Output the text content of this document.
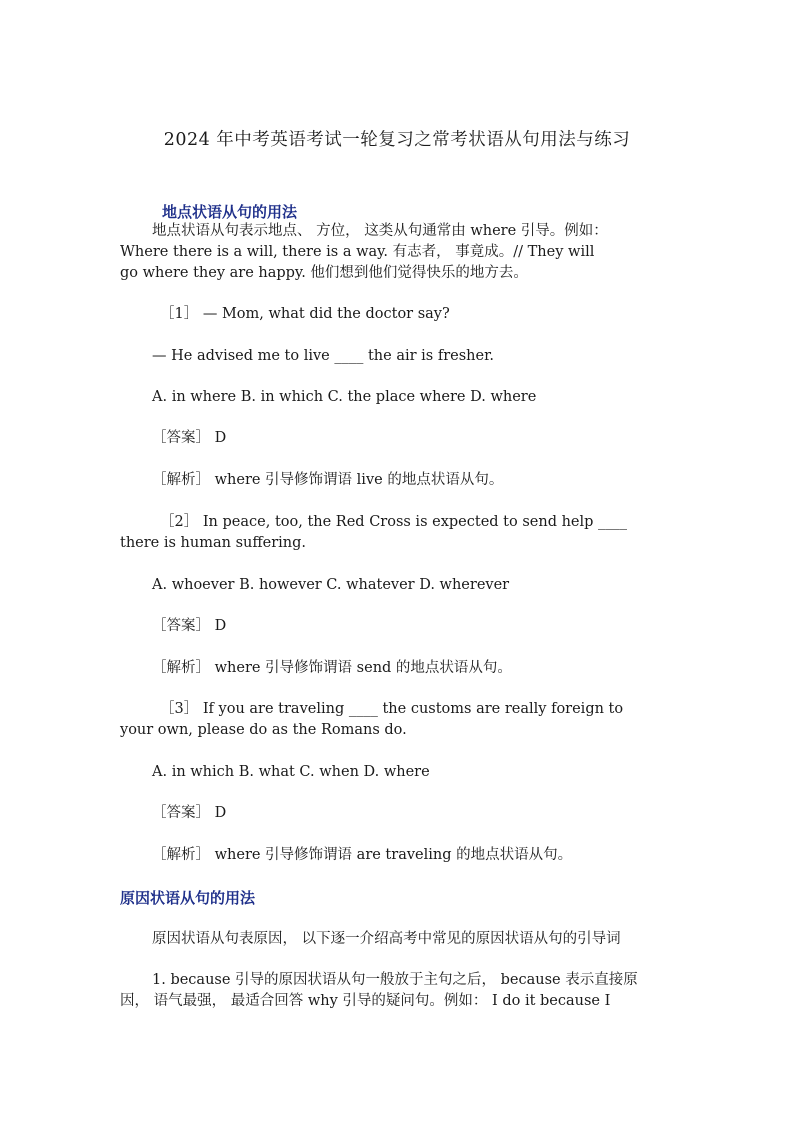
2024 年中考英语考试一轮复习之常考状语从句用法与练习
地点状语从句的用法
地点状语从句表示地点、 方位， 这类从句通常由 where 引导。例如：
Where there is a will, there is a way. 有志者， 事竟成。// They will
go where they are happy. 他们想到他们觉得快乐的地方去。
［1］ — Mom, what did the doctor say?
— He advised me to live ____ the air is fresher.
A. in where B. in which C. the place where D. where
［答案］ D
［解析］ where 引导修饰谓语 live 的地点状语从句。
［2］ In peace, too, the Red Cross is expected to send help ____
there is human suffering.
A. whoever B. however C. whatever D. wherever
［答案］ D
［解析］ where 引导修饰谓语 send 的地点状语从句。
［3］ If you are traveling ____ the customs are really foreign to
your own, please do as the Romans do.
A. in which B. what C. when D. where
［答案］ D
［解析］ where 引导修饰谓语 are traveling 的地点状语从句。
原因状语从句的用法
原因状语从句表原因， 以下逐一介绍高考中常见的原因状语从句的引导词
1. because 引导的原因状语从句一般放于主句之后， because 表示直接原
因， 语气最强， 最适合回答 why 引导的疑问句。例如： I do it because I
